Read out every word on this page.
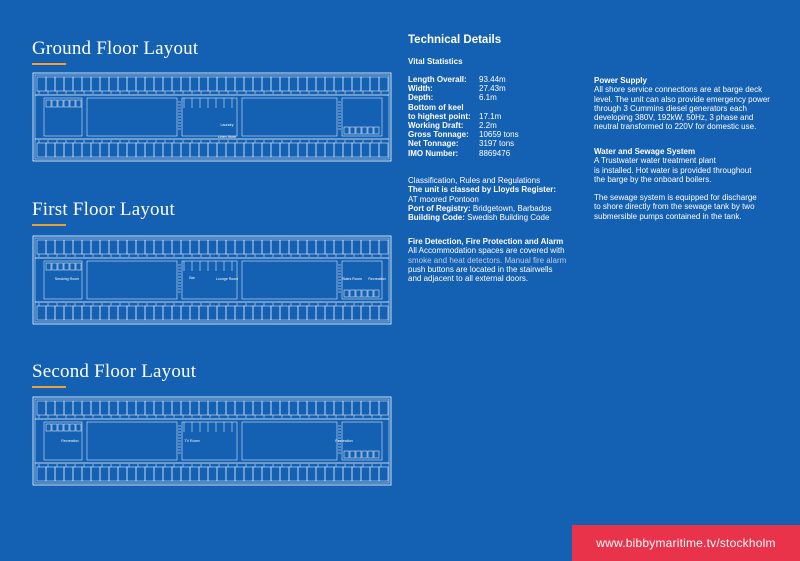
Ground Floor Layout
Laundry
Linen Store
First Floor Layout
Smoking Room	Bar	Lounge Room	Stairs Room Recreation
Second Floor Layout
Recreation	TV Room	Recreation
Technical Details
Vital Statistics
Length Overall:	93.44m
Width:	27.43m
Depth:	6.1m
Bottom of keel
to highest point:	17.1m
Working Draft:	2.2m
Gross Tonnage:	10659 tons
Net Tonnage:	3197 tons
IMO Number:	8869476
Classification, Rules and Regulations
The unit is classed by Lloyds Register:
AT moored Pontoon
Port of Registry: Bridgetown, Barbados
Building Code: Swedish Building Code
Fire Detection, Fire Protection and Alarm
All Accommodation spaces are covered with
smoke and heat detectors. Manual fire alarm
push buttons are located in the stairwells
and adjacent to all external doors.
Power Supply
All shore service connections are at barge deck
level. The unit can also provide emergency power
through 3 Cummins diesel generators each
developing 380V, 192kW, 50Hz, 3 phase and
neutral transformed to 220V for domestic use.
Water and Sewage System
A Trustwater water treatment plant
is installed. Hot water is provided throughout
the barge by the onboard boilers.
The sewage system is equipped for discharge
to shore directly from the sewage tank by two
submersible pumps contained in the tank.
www.bibbymaritime.tv/stockholm
